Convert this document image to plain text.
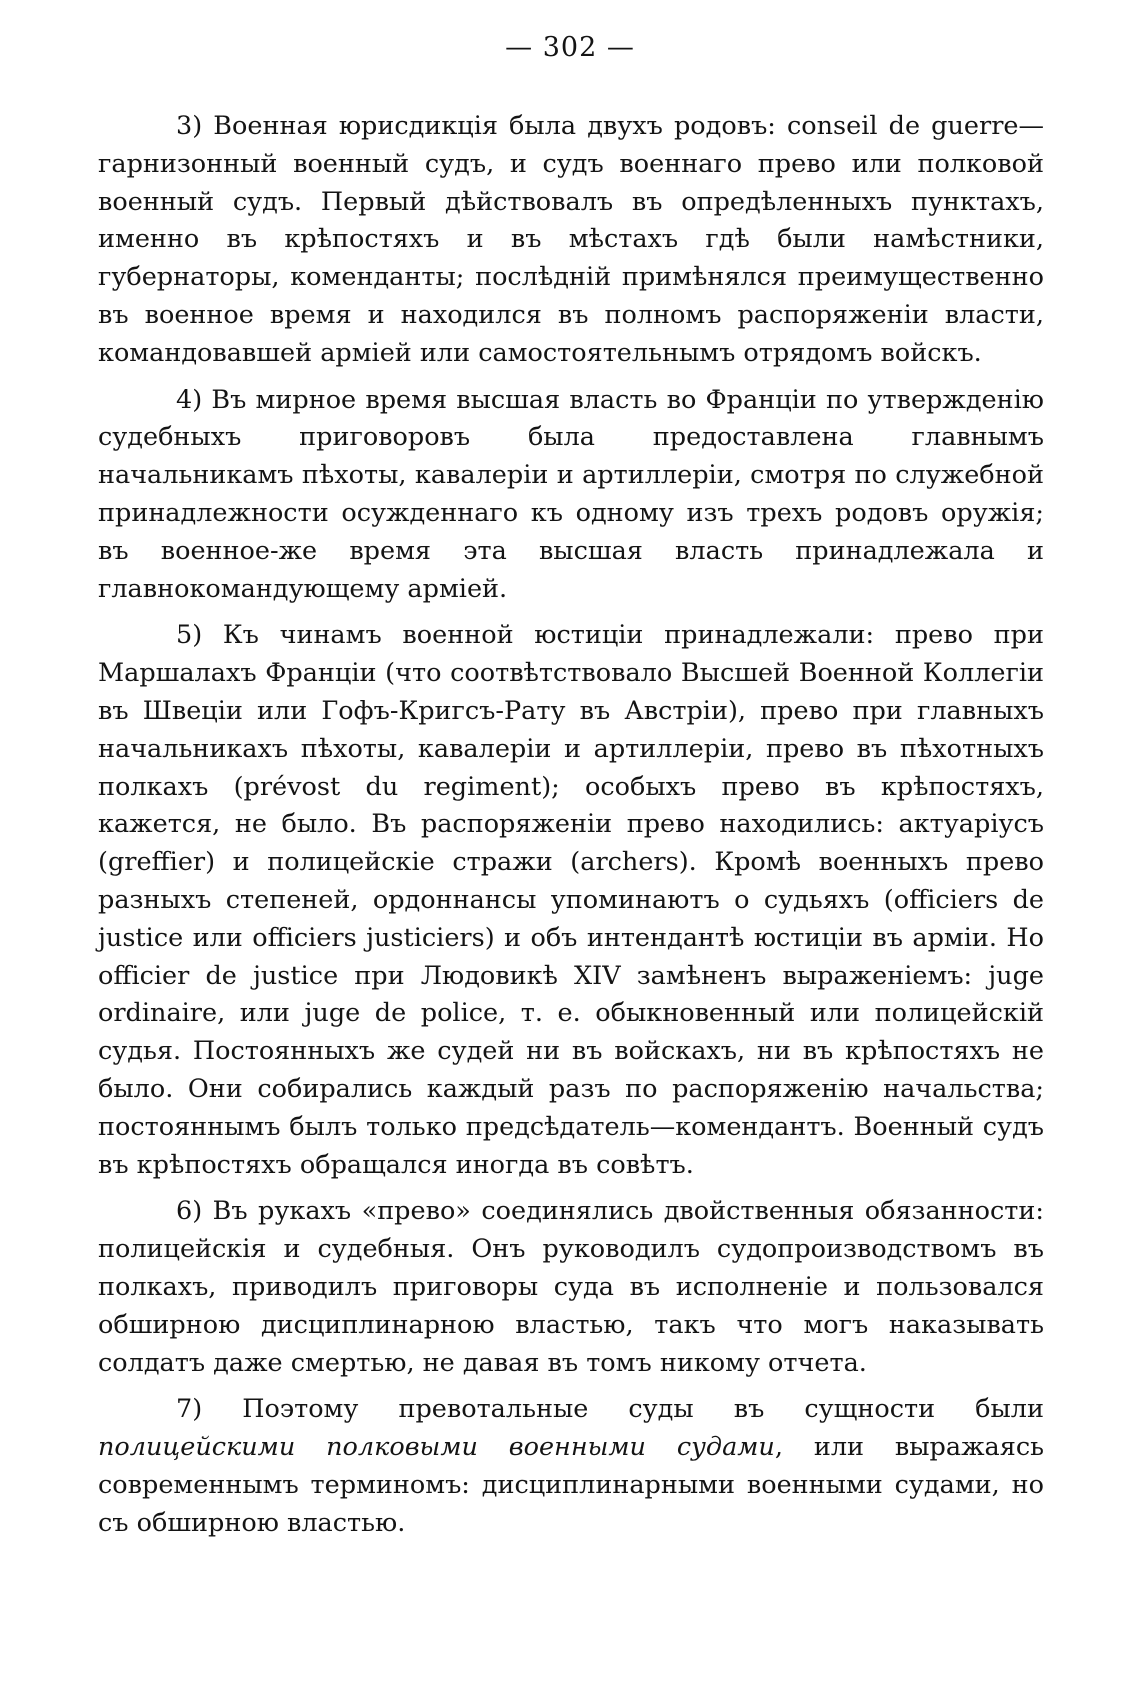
— 302 —

3) Военная юрисдикція была двухъ родовъ: conseil de guerre—гарнизонный военный судъ, и судъ военнаго прево или полковой военный судъ. Первый дѣйствовалъ въ опредѣленныхъ пунктахъ, именно въ крѣпостяхъ и въ мѣстахъ гдѣ были намѣстники, губернаторы, коменданты; послѣдній примѣнялся преимущественно въ военное время и находился въ полномъ распоряженіи власти, командовавшей арміей или самостоятельнымъ отрядомъ войскъ.

4) Въ мирное время высшая власть во Франціи по утвержденію судебныхъ приговоровъ была предоставлена главнымъ начальникамъ пѣхоты, кавалеріи и артиллеріи, смотря по служебной принадлежности осужденнаго къ одному изъ трехъ родовъ оружія; въ военное-же время эта высшая власть принадлежала и главнокомандующему арміей.

5) Къ чинамъ военной юстиціи принадлежали: прево при Маршалахъ Франціи (что соотвѣтствовало Высшей Военной Коллегіи въ Швеціи или Гофъ-Кригсъ-Рату въ Австріи), прево при главныхъ начальникахъ пѣхоты, кавалеріи и артиллеріи, прево въ пѣхотныхъ полкахъ (prévost du regiment); особыхъ прево въ крѣпостяхъ, кажется, не было. Въ распоряженіи прево находились: актуаріусъ (greffier) и полицейскіе стражи (archers). Кромѣ военныхъ прево разныхъ степеней, ордоннансы упоминаютъ о судьяхъ (officiers de justice или officiers justiciers) и объ интендантѣ юстиціи въ арміи. Но officier de justice при Людовикѣ XIV замѣненъ выраженіемъ: juge ordinaire, или juge de police, т. е. обыкновенный или полицейскій судья. Постоянныхъ же судей ни въ войскахъ, ни въ крѣпостяхъ не было. Они собирались каждый разъ по распоряженію начальства; постояннымъ былъ только предсѣдатель—комендантъ. Военный судъ въ крѣпостяхъ обращался иногда въ совѣтъ.

6) Въ рукахъ «прево» соединялись двойственныя обязанности: полицейскія и судебныя. Онъ руководилъ судопроизводствомъ въ полкахъ, приводилъ приговоры суда въ исполненіе и пользовался обширною дисциплинарною властью, такъ что могъ наказывать солдатъ даже смертью, не давая въ томъ никому отчета.

7) Поэтому превотальные суды въ сущности были полицейскими полковыми военными судами, или выражаясь современнымъ терминомъ: дисциплинарными военными судами, но съ обширною властью.
